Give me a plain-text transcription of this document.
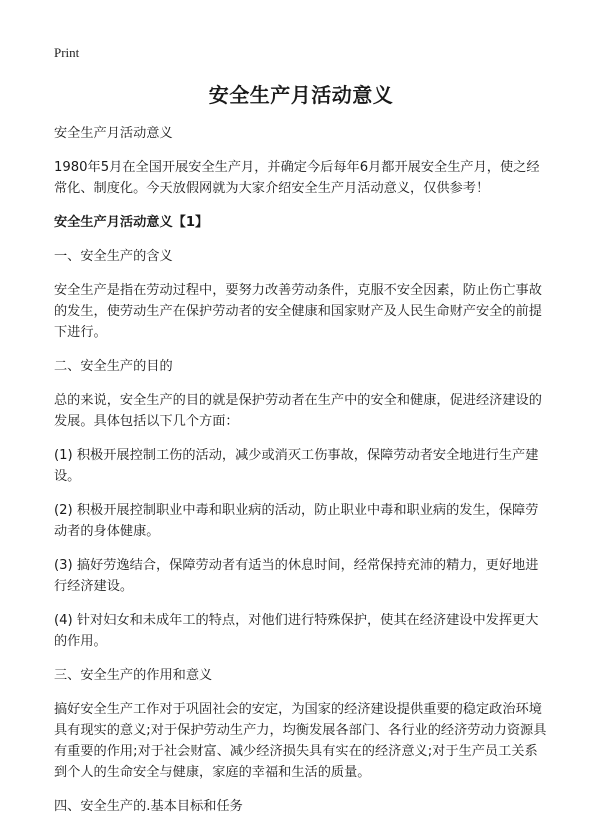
Print
安全生产月活动意义

安全生产月活动意义

1980年5月在全国开展安全生产月，并确定今后每年6月都开展安全生产月，使之经常化、制度化。今天放假网就为大家介绍安全生产月活动意义，仅供参考！

安全生产月活动意义【1】

一、安全生产的含义

安全生产是指在劳动过程中，要努力改善劳动条件，克服不安全因素，防止伤亡事故的发生，使劳动生产在保护劳动者的安全健康和国家财产及人民生命财产安全的前提下进行。

二、安全生产的目的

总的来说，安全生产的目的就是保护劳动者在生产中的安全和健康，促进经济建设的发展。具体包括以下几个方面：

(1) 积极开展控制工伤的活动，减少或消灭工伤事故，保障劳动者安全地进行生产建设。

(2) 积极开展控制职业中毒和职业病的活动，防止职业中毒和职业病的发生，保障劳动者的身体健康。

(3) 搞好劳逸结合，保障劳动者有适当的休息时间，经常保持充沛的精力，更好地进行经济建设。

(4) 针对妇女和未成年工的特点，对他们进行特殊保护，使其在经济建设中发挥更大的作用。

三、安全生产的作用和意义

搞好安全生产工作对于巩固社会的安定，为国家的经济建设提供重要的稳定政治环境具有现实的意义;对于保护劳动生产力，均衡发展各部门、各行业的经济劳动力资源具有重要的作用;对于社会财富、减少经济损失具有实在的经济意义;对于生产员工关系到个人的生命安全与健康，家庭的幸福和生活的质量。

四、安全生产的.基本目标和任务
